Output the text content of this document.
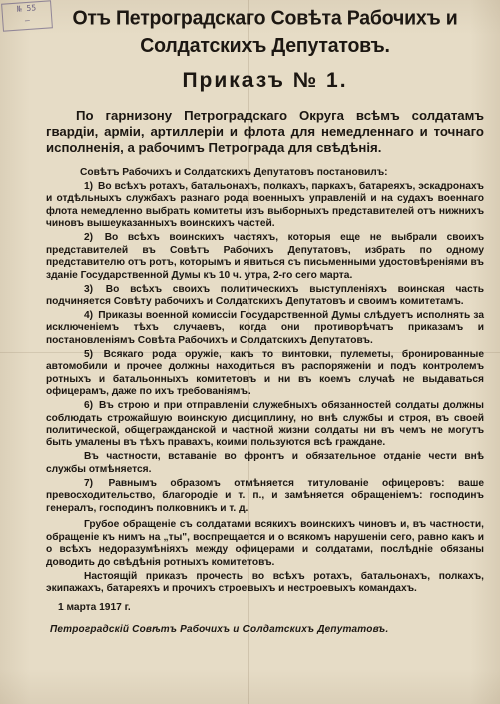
№ 55
—	Отъ Петроградскаго Совѣта Рабочихъ и
Солдатскихъ Депутатовъ.
Приказъ № 1.
По гарнизону Петроградскаго Округа всѣмъ солдатамъ гвардіи, арміи, артиллеріи и флота для немедленнаго и точнаго исполненія, а рабочимъ Петрограда для свѣдѣнія.
Совѣтъ Рабочихъ и Солдатскихъ Депутатовъ постановилъ:
1) Во всѣхъ ротахъ, батальонахъ, полкахъ, паркахъ, батареяхъ, эскадронахъ и отдѣльныхъ службахъ разнаго рода военныхъ управленій и на судахъ военнаго флота немедленно выбрать комитеты изъ выборныхъ представителей отъ нижнихъ чиновъ вышеуказанныхъ воинскихъ частей.
2) Во всѣхъ воинскихъ частяхъ, которыя еще не выбрали своихъ представителей въ Совѣтъ Рабочихъ Депутатовъ, избрать по одному представителю отъ ротъ, которымъ и явиться съ письменными удостовѣреніями въ зданіе Государственной Думы къ 10 ч. утра, 2-го сего марта.
3) Во всѣхъ своихъ политическихъ выступленіяхъ воинская часть подчиняется Совѣту рабочихъ и Солдатскихъ Депутатовъ и своимъ комитетамъ.
4) Приказы военной комиссіи Государственной Думы слѣдуетъ исполнять за исключеніемъ тѣхъ случаевъ, когда они противорѣчатъ приказамъ и постановленіямъ Совѣта Рабочихъ и Солдатскихъ Депутатовъ.
5) Всякаго рода оружіе, какъ то винтовки, пулеметы, бронированные автомобили и прочее должны находиться въ распоряженіи и подъ контролемъ ротныхъ и батальонныхъ комитетовъ и ни въ коемъ случаѣ не выдаваться офицерамъ, даже по ихъ требованіямъ.
6) Въ строю и при отправленіи служебныхъ обязанностей солдаты должны соблюдать строжайшую воинскую дисциплину, но внѣ службы и строя, въ своей политической, общегражданской и частной жизни солдаты ни въ чемъ не могутъ быть умалены въ тѣхъ правахъ, коими пользуются всѣ граждане.
Въ частности, вставаніе во фронтъ и обязательное отданіе чести внѣ службы отмѣняется.
7) Равнымъ образомъ отмѣняется титулованіе офицеровъ: ваше превосходительство, благородіе и т. п., и замѣняется обращеніемъ: господинъ генералъ, господинъ полковникъ и т. д.
Грубое обращеніе съ солдатами всякихъ воинскихъ чиновъ и, въ частности, обращеніе къ нимъ на „ты", воспрещается и о всякомъ нарушеніи сего, равно какъ и о всѣхъ недоразумѣніяхъ между офицерами и солдатами, послѣдніе обязаны доводить до свѣдѣнія ротныхъ комитетовъ.
Настоящій приказъ прочесть во всѣхъ ротахъ, батальонахъ, полкахъ, экипажахъ, батареяхъ и прочихъ строевыхъ и нестроевыхъ командахъ.
1 марта 1917 г.
Петроградскій Совѣтъ Рабочихъ и Солдатскихъ Депутатовъ.
